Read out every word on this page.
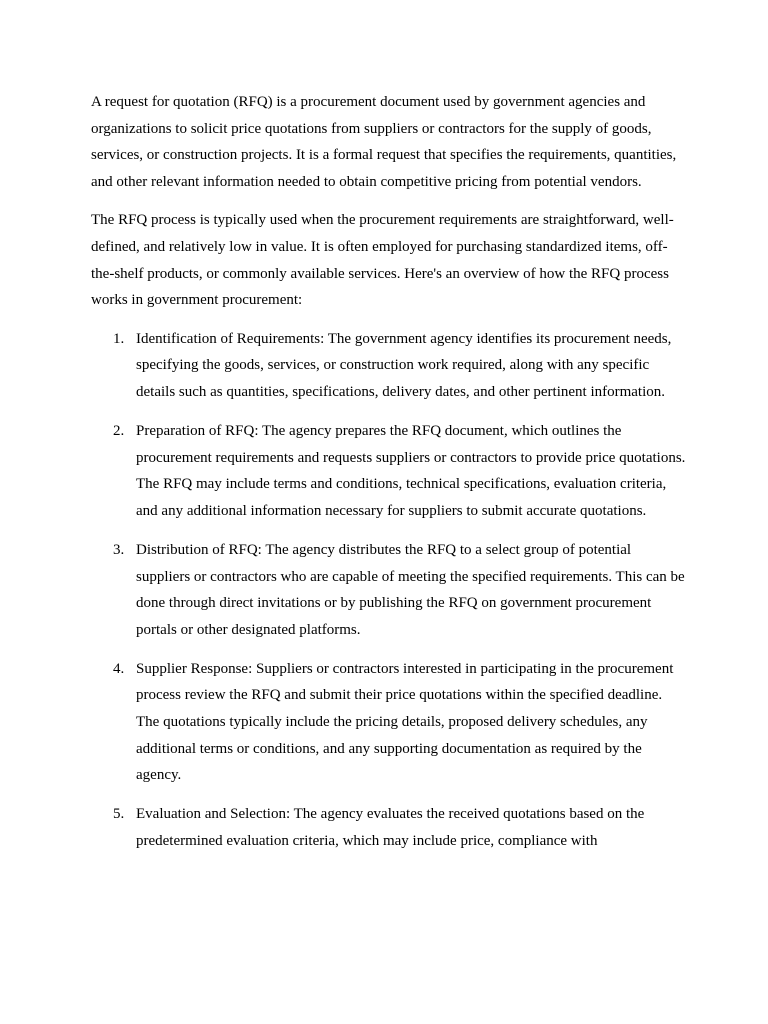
A request for quotation (RFQ) is a procurement document used by government agencies and organizations to solicit price quotations from suppliers or contractors for the supply of goods, services, or construction projects. It is a formal request that specifies the requirements, quantities, and other relevant information needed to obtain competitive pricing from potential vendors.

The RFQ process is typically used when the procurement requirements are straightforward, well-defined, and relatively low in value. It is often employed for purchasing standardized items, off-the-shelf products, or commonly available services. Here's an overview of how the RFQ process works in government procurement:

1. Identification of Requirements: The government agency identifies its procurement needs, specifying the goods, services, or construction work required, along with any specific details such as quantities, specifications, delivery dates, and other pertinent information.
2. Preparation of RFQ: The agency prepares the RFQ document, which outlines the procurement requirements and requests suppliers or contractors to provide price quotations. The RFQ may include terms and conditions, technical specifications, evaluation criteria, and any additional information necessary for suppliers to submit accurate quotations.
3. Distribution of RFQ: The agency distributes the RFQ to a select group of potential suppliers or contractors who are capable of meeting the specified requirements. This can be done through direct invitations or by publishing the RFQ on government procurement portals or other designated platforms.
4. Supplier Response: Suppliers or contractors interested in participating in the procurement process review the RFQ and submit their price quotations within the specified deadline. The quotations typically include the pricing details, proposed delivery schedules, any additional terms or conditions, and any supporting documentation as required by the agency.
5. Evaluation and Selection: The agency evaluates the received quotations based on the predetermined evaluation criteria, which may include price, compliance with
